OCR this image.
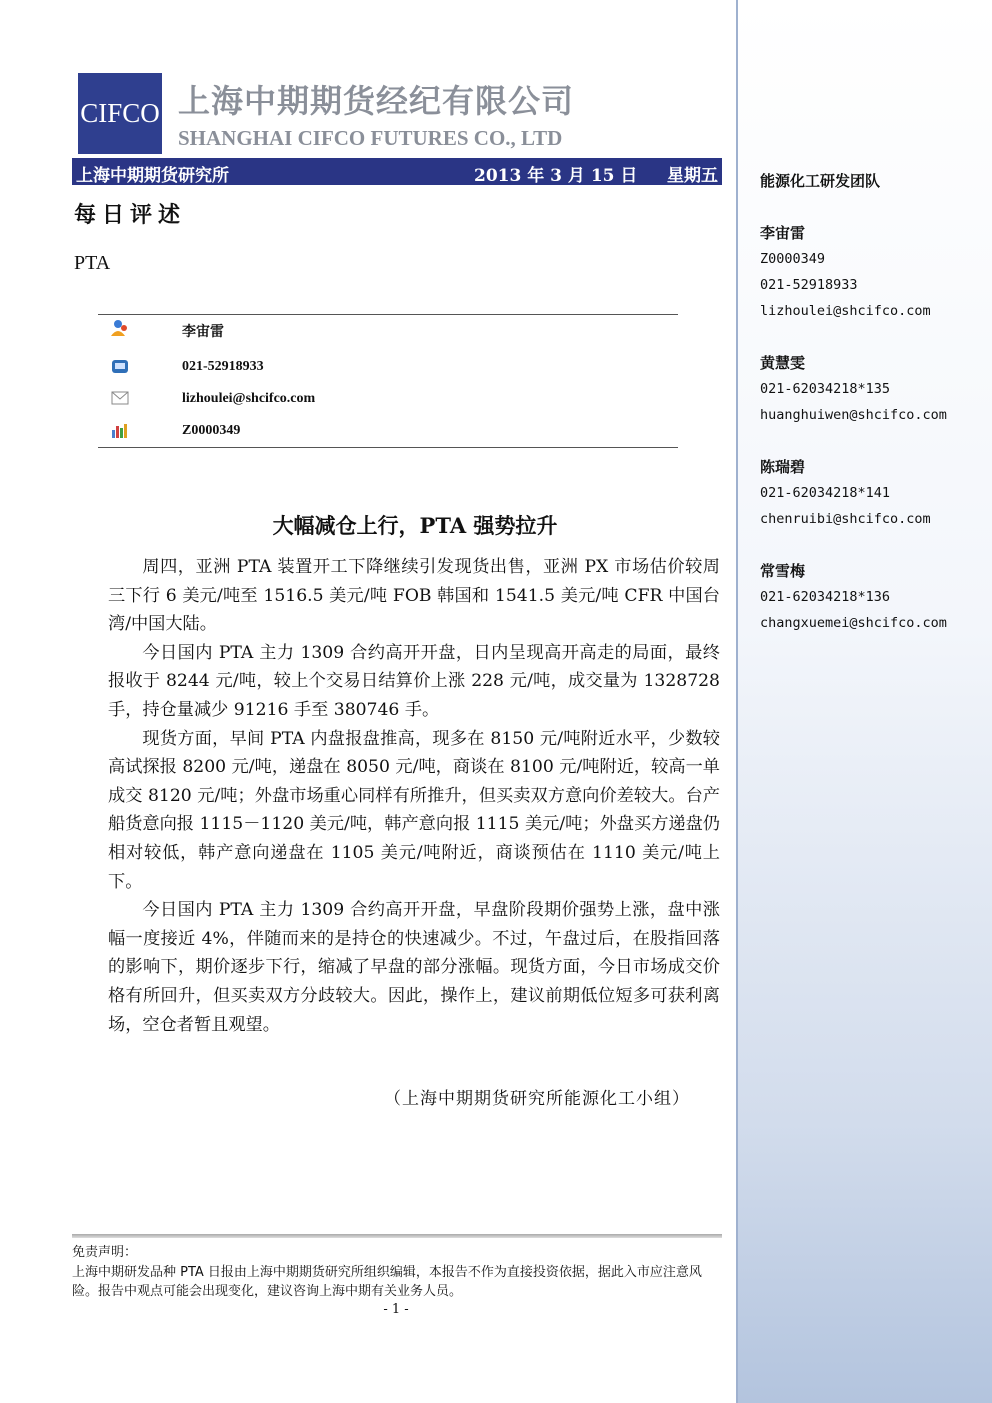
CIFCO 上海中期期货经纪有限公司
SHANGHAI CIFCO FUTURES CO., LTD
上海中期期货研究所	2013 年 3 月 15 日 星期五
每日评述
PTA
李宙雷
021-52918933
lizhoulei@shcifco.com
Z0000349
大幅减仓上行，PTA 强势拉升

周四，亚洲 PTA 装置开工下降继续引发现货出售，亚洲 PX 市场估价较周三下行 6 美元/吨至 1516.5 美元/吨 FOB 韩国和 1541.5 美元/吨 CFR 中国台湾/中国大陆。

今日国内 PTA 主力 1309 合约高开开盘，日内呈现高开高走的局面，最终报收于 8244 元/吨，较上个交易日结算价上涨 228 元/吨，成交量为 1328728 手，持仓量减少 91216 手至 380746 手。

现货方面，早间 PTA 内盘报盘推高，现多在 8150 元/吨附近水平，少数较高试探报 8200 元/吨，递盘在 8050 元/吨，商谈在 8100 元/吨附近，较高一单成交 8120 元/吨；外盘市场重心同样有所推升，但买卖双方意向价差较大。台产船货意向报 1115－1120 美元/吨，韩产意向报 1115 美元/吨；外盘买方递盘仍相对较低，韩产意向递盘在 1105 美元/吨附近，商谈预估在 1110 美元/吨上下。

今日国内 PTA 主力 1309 合约高开开盘，早盘阶段期价强势上涨，盘中涨幅一度接近 4%，伴随而来的是持仓的快速减少。不过，午盘过后，在股指回落的影响下，期价逐步下行，缩减了早盘的部分涨幅。现货方面，今日市场成交价格有所回升，但买卖双方分歧较大。因此，操作上，建议前期低位短多可获利离场，空仓者暂且观望。

（上海中期期货研究所能源化工小组）
免责声明：
上海中期研发品种 PTA 日报由上海中期期货研究所组织编辑，本报告不作为直接投资依据，据此入市应注意风险。报告中观点可能会出现变化，建议咨询上海中期有关业务人员。
- 1 -
能源化工研发团队
李宙雷
Z0000349
021-52918933
lizhoulei@shcifco.com
黄慧雯
021-62034218*135
huanghuiwen@shcifco.com
陈瑞碧
021-62034218*141
chenruibi@shcifco.com
常雪梅
021-62034218*136
changxuemei@shcifco.com
